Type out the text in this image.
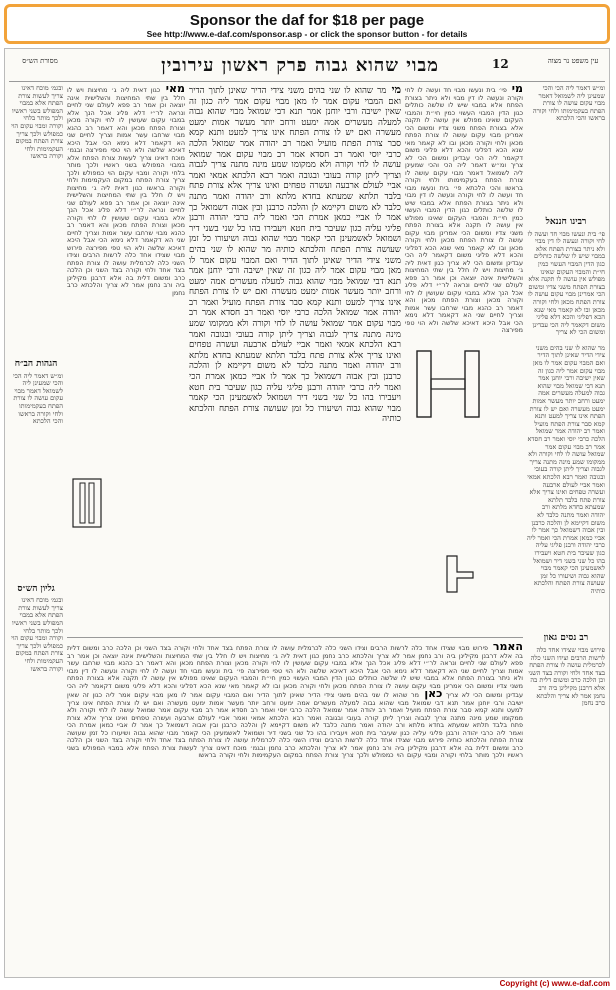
Sponsor the daf for $18 per page
See http://www.e-daf.com/sponsor.asp - or click the sponsor button - for details
מסורת הש״ס	מבוי שהוא גבוה פרק ראשון עירובין	12	עין משפט נר מצוה
ובגמ׳ מוכח דאינו צריך לעשות צורת הפתח אלא במבוי המפולש בשני ראשיו ולכך מותר בלחי וקורה ומבוי עקום הוי כמפולש ולכך צריך צורת הפתח במקום העקמימות ולחי וקורה בראשו
הגהות הב״ח
ומ״ש דאמר ליה הכי והכי שמעינן ליה לשמואל דאמר מבוי עקום עושה לו צורת הפתח בעקמימותו ולחי וקורה בראשו והכי הלכתא
גליון הש״ס
ובגמ׳ מוכח דאינו צריך לעשות צורת הפתח אלא במבוי המפולש בשני ראשיו ולכך מותר בלחי וקורה ומבוי עקום הוי כמפולש ולכך צריך צורת הפתח במקום העקמימות ולחי וקורה בראשו
מאי כגון דאית ליה ג׳ מחיצות ויש לו חלל בין שתי המחיצות והשלישית אינה יוצאה וכן אמר רב פפא לעולם שני לחיים ונראה לר״י דלא פליג אכל הנך אלא במבוי עקום שעושין לו לחי וקורה מכאן וצורת הפתח מכאן והא דאמר רב כהנא מבוי שרחבו עשר אמות וצריך לחיים שני הא דקאמר דלא נימא הכי אבל היכא דאיכא שלשה ולא הוי טפי מפירצה ובגמ׳ מוכח דאינו צריך לעשות צורת הפתח אלא במבוי המפולש בשני ראשיו ולכך מותר בלחי וקורה ומבוי עקום הוי כמפולש ולכך צריך צורת הפתח במקום העקמימות ולחי וקורה בראשו כגון דאית ליה ג׳ מחיצות ויש לו חלל בין שתי המחיצות והשלישית אינה יוצאה וכן אמר רב פפא לעולם שני לחיים ונראה לר״י דלא פליג אכל הנך אלא במבוי עקום שעושין לו לחי וקורה מכאן וצורת הפתח מכאן והא דאמר רב כהנא מבוי שרחבו עשר אמות וצריך לחיים שני הא דקאמר דלא נימא הכי אבל היכא דאיכא שלשה ולא הוי טפי מפירצה פירוש מבוי שצידו אחד כלה לרשות הרבים וצידו השני כלה לכרמלית עושה לו צורת הפתח בצד אחד ולחי וקורה בצד השני וכן הלכה כרב ומשום דלית בה אלא דרבנן מקילינן ביה ורב נחמן אמר לא צריך והלכתא כרב נחמן
מי מר שהוא לו שני בהים משני צידי הדיר שאינן לתוך הדיר ואם המבוי עקום אמר לו מאן מבוי עקום אמר ליה כגון זה שאין ישיבה ורבי יוחנן אמר תנא דבי שמואל מבוי שהוא גבוה למעלה מעשרים אמה ימעט ורחב יותר מעשר אמות ימעט מעשרה ואם יש לו צורת הפתח אינו צריך למעט ותנא קמא סבר צורת הפתח מועיל ואמר רב יהודה אמר שמואל הלכה כרבי יוסי ואמר רב חסדא אמר רב מבוי עקום אמר שמואל עושה לו לחי וקורה ולא ממקומו שמע מינה מתנה צריך לגבוה וצריך ליתן קורה בעובי ובגובה ואמר רבא הלכתא אמאי ואמר אביי לעולם ארבעה ועשרה טפחים ואינו צריך אלא צורת פתח בלבד תלתא שמעתא בחדא מלתא ורב יהודה ואמר מתנה כלבד לא משום דקיימא לן והלכה כרבנן ובין אבוה דשמואל כך אמר לו אביי כמאן אמרת הכי ואמר ליה כרבי יהודה ורבנן פליגי עליה כגון שעיבר בית חטא ויעבירו בהו כל שני בשני דיר ושמואל לאשמעינן הכי קאמר מבוי שהוא גבוה ושיעורו כל זמן שעושה צורת הפתח והלכתא כותיה מר שהוא לו שני בהים משני צידי הדיר שאינן לתוך הדיר ואם המבוי עקום אמר לו מאן מבוי עקום אמר ליה כגון זה שאין ישיבה ורבי יוחנן אמר תנא דבי שמואל מבוי שהוא גבוה למעלה מעשרים אמה ימעט ורחב יותר מעשר אמות ימעט מעשרה ואם יש לו צורת הפתח אינו צריך למעט ותנא קמא סבר צורת הפתח מועיל ואמר רב יהודה אמר שמואל הלכה כרבי יוסי ואמר רב חסדא אמר רב מבוי עקום אמר שמואל עושה לו לחי וקורה ולא ממקומו שמע מינה מתנה צריך לגבוה וצריך ליתן קורה בעובי ובגובה ואמר רבא הלכתא אמאי ואמר אביי לעולם ארבעה ועשרה טפחים ואינו צריך אלא צורת פתח בלבד תלתא שמעתא בחדא מלתא ורב יהודה ואמר מתנה כלבד לא משום דקיימא לן והלכה כרבנן ובין אבוה דשמואל כך אמר לו אביי כמאן אמרת הכי ואמר ליה כרבי יהודה ורבנן פליגי עליה כגון שעיבר בית חטא ויעבירו בהו כל שני בשני דיר ושמואל לאשמעינן הכי קאמר מבוי שהוא גבוה ושיעורו כל זמן שעושה צורת הפתח והלכתא כותיה
מי פי׳ בית ונעשו מבוי חד ועשה לו לחי וקורה ונעשה לו דין מבוי ולא ניתר בצורת הפתח אלא במבוי שיש לו שלשה כותלים כגון הדין המבוי העשוי כמין חי״ת והמבוי העקום שאינו מפולש אין עושה לו תקנה אלא בצורת הפתח משני צדיו ומשום הכי אמרינן מבוי עקום עושה לו צורת הפתח מכאן ולחי וקורה מכאן ובו לא קאמר מאי שנא הכא דפליגי והכא דלא פליגי משום דקאמר ליה הכי עבדינן ומשום הכי לא צריך ומ״ש דאמר ליה הכי והכי שמעינן ליה לשמואל דאמר מבוי עקום עושה לו צורת הפתח בעקמימותו ולחי וקורה בראשו והכי הלכתא פי׳ בית ונעשו מבוי חד ועשה לו לחי וקורה ונעשה לו דין מבוי ולא ניתר בצורת הפתח אלא במבוי שיש לו שלשה כותלים כגון הדין המבוי העשוי כמין חי״ת והמבוי העקום שאינו מפולש אין עושה לו תקנה אלא בצורת הפתח משני צדיו ומשום הכי אמרינן מבוי עקום עושה לו צורת הפתח מכאן ולחי וקורה מכאן ובו לא קאמר מאי שנא הכא דפליגי והכא דלא פליגי משום דקאמר ליה הכי עבדינן ומשום הכי לא צריך כגון דאית ליה ג׳ מחיצות ויש לו חלל בין שתי המחיצות והשלישית אינה יוצאה וכן אמר רב פפא לעולם שני לחיים ונראה לר״י דלא פליג אכל הנך אלא במבוי עקום שעושין לו לחי וקורה מכאן וצורת הפתח מכאן והא דאמר רב כהנא מבוי שרחבו עשר אמות וצריך לחיים שני הא דקאמר דלא נימא הכי אבל היכא דאיכא שלשה ולא הוי טפי מפירצה
ומ״ש דאמר ליה הכי והכי שמעינן ליה לשמואל דאמר מבוי עקום עושה לו צורת הפתח בעקמימותו ולחי וקורה בראשו והכי הלכתא
רבינו חננאל
פי׳ בית ונעשו מבוי חד ועשה לו לחי וקורה ונעשה לו דין מבוי ולא ניתר בצורת הפתח אלא במבוי שיש לו שלשה כותלים כגון הדין המבוי העשוי כמין חי״ת והמבוי העקום שאינו מפולש אין עושה לו תקנה אלא בצורת הפתח משני צדיו ומשום הכי אמרינן מבוי עקום עושה לו צורת הפתח מכאן ולחי וקורה מכאן ובו לא קאמר מאי שנא הכא דפליגי והכא דלא פליגי משום דקאמר ליה הכי עבדינן ומשום הכי לא צריך
מר שהוא לו שני בהים משני צידי הדיר שאינן לתוך הדיר ואם המבוי עקום אמר לו מאן מבוי עקום אמר ליה כגון זה שאין ישיבה ורבי יוחנן אמר תנא דבי שמואל מבוי שהוא גבוה למעלה מעשרים אמה ימעט ורחב יותר מעשר אמות ימעט מעשרה ואם יש לו צורת הפתח אינו צריך למעט ותנא קמא סבר צורת הפתח מועיל ואמר רב יהודה אמר שמואל הלכה כרבי יוסי ואמר רב חסדא אמר רב מבוי עקום אמר שמואל עושה לו לחי וקורה ולא ממקומו שמע מינה מתנה צריך לגבוה וצריך ליתן קורה בעובי ובגובה ואמר רבא הלכתא אמאי ואמר אביי לעולם ארבעה ועשרה טפחים ואינו צריך אלא צורת פתח בלבד תלתא שמעתא בחדא מלתא ורב יהודה ואמר מתנה כלבד לא משום דקיימא לן והלכה כרבנן ובין אבוה דשמואל כך אמר לו אביי כמאן אמרת הכי ואמר ליה כרבי יהודה ורבנן פליגי עליה כגון שעיבר בית חטא ויעבירו בהו כל שני בשני דיר ושמואל לאשמעינן הכי קאמר מבוי שהוא גבוה ושיעורו כל זמן שעושה צורת הפתח והלכתא כותיה
רב נסים גאון
פירוש מבוי שצידו אחד כלה לרשות הרבים וצידו השני כלה לכרמלית עושה לו צורת הפתח בצד אחד ולחי וקורה בצד השני וכן הלכה כרב ומשום דלית בה אלא דרבנן מקילינן ביה ורב נחמן אמר לא צריך והלכתא כרב נחמן
האמר פירוש מבוי שצידו אחד כלה לרשות הרבים וצידו השני כלה לכרמלית עושה לו צורת הפתח בצד אחד ולחי וקורה בצד השני וכן הלכה כרב ומשום דלית בה אלא דרבנן מקילינן ביה ורב נחמן אמר לא צריך והלכתא כרב נחמן כגון דאית ליה ג׳ מחיצות ויש לו חלל בין שתי המחיצות והשלישית אינה יוצאה וכן אמר רב פפא לעולם שני לחיים ונראה לר״י דלא פליג אכל הנך אלא במבוי עקום שעושין לו לחי וקורה מכאן וצורת הפתח מכאן והא דאמר רב כהנא מבוי שרחבו עשר אמות וצריך לחיים שני הא דקאמר דלא נימא הכי אבל היכא דאיכא שלשה ולא הוי טפי מפירצה פי׳ בית ונעשו מבוי חד ועשה לו לחי וקורה ונעשה לו דין מבוי ולא ניתר בצורת הפתח אלא במבוי שיש לו שלשה כותלים כגון הדין המבוי העשוי כמין חי״ת והמבוי העקום שאינו מפולש אין עושה לו תקנה אלא בצורת הפתח משני צדיו ומשום הכי אמרינן מבוי עקום עושה לו צורת הפתח מכאן ולחי וקורה מכאן ובו לא קאמר מאי שנא הכא דפליגי והכא דלא פליגי משום דקאמר ליה הכי עבדינן ומשום הכי לא צריך כאן מר שהוא לו שני בהים משני צידי הדיר שאינן לתוך הדיר ואם המבוי עקום אמר לו מאן מבוי עקום אמר ליה כגון זה שאין ישיבה ורבי יוחנן אמר תנא דבי שמואל מבוי שהוא גבוה למעלה מעשרים אמה ימעט ורחב יותר מעשר אמות ימעט מעשרה ואם יש לו צורת הפתח אינו צריך למעט ותנא קמא סבר צורת הפתח מועיל ואמר רב יהודה אמר שמואל הלכה כרבי יוסי ואמר רב חסדא אמר רב מבוי עקום אמר שמואל עושה לו לחי וקורה ולא ממקומו שמע מינה מתנה צריך לגבוה וצריך ליתן קורה בעובי ובגובה ואמר רבא הלכתא אמאי ואמר אביי לעולם ארבעה ועשרה טפחים ואינו צריך אלא צורת פתח בלבד תלתא שמעתא בחדא מלתא ורב יהודה ואמר מתנה כלבד לא משום דקיימא לן והלכה כרבנן ובין אבוה דשמואל כך אמר לו אביי כמאן אמרת הכי ואמר ליה כרבי יהודה ורבנן פליגי עליה כגון שעיבר בית חטא ויעבירו בהו כל שני בשני דיר ושמואל לאשמעינן הכי קאמר מבוי שהוא גבוה ושיעורו כל זמן שעושה צורת הפתח והלכתא כותיה פירוש מבוי שצידו אחד כלה לרשות הרבים וצידו השני כלה לכרמלית עושה לו צורת הפתח בצד אחד ולחי וקורה בצד השני וכן הלכה כרב ומשום דלית בה אלא דרבנן מקילינן ביה ורב נחמן אמר לא צריך והלכתא כרב נחמן ובגמ׳ מוכח דאינו צריך לעשות צורת הפתח אלא במבוי המפולש בשני ראשיו ולכך מותר בלחי וקורה ומבוי עקום הוי כמפולש ולכך צריך צורת הפתח במקום העקמימות ולחי וקורה בראשו
Copyright (c) www.e-daf.com
